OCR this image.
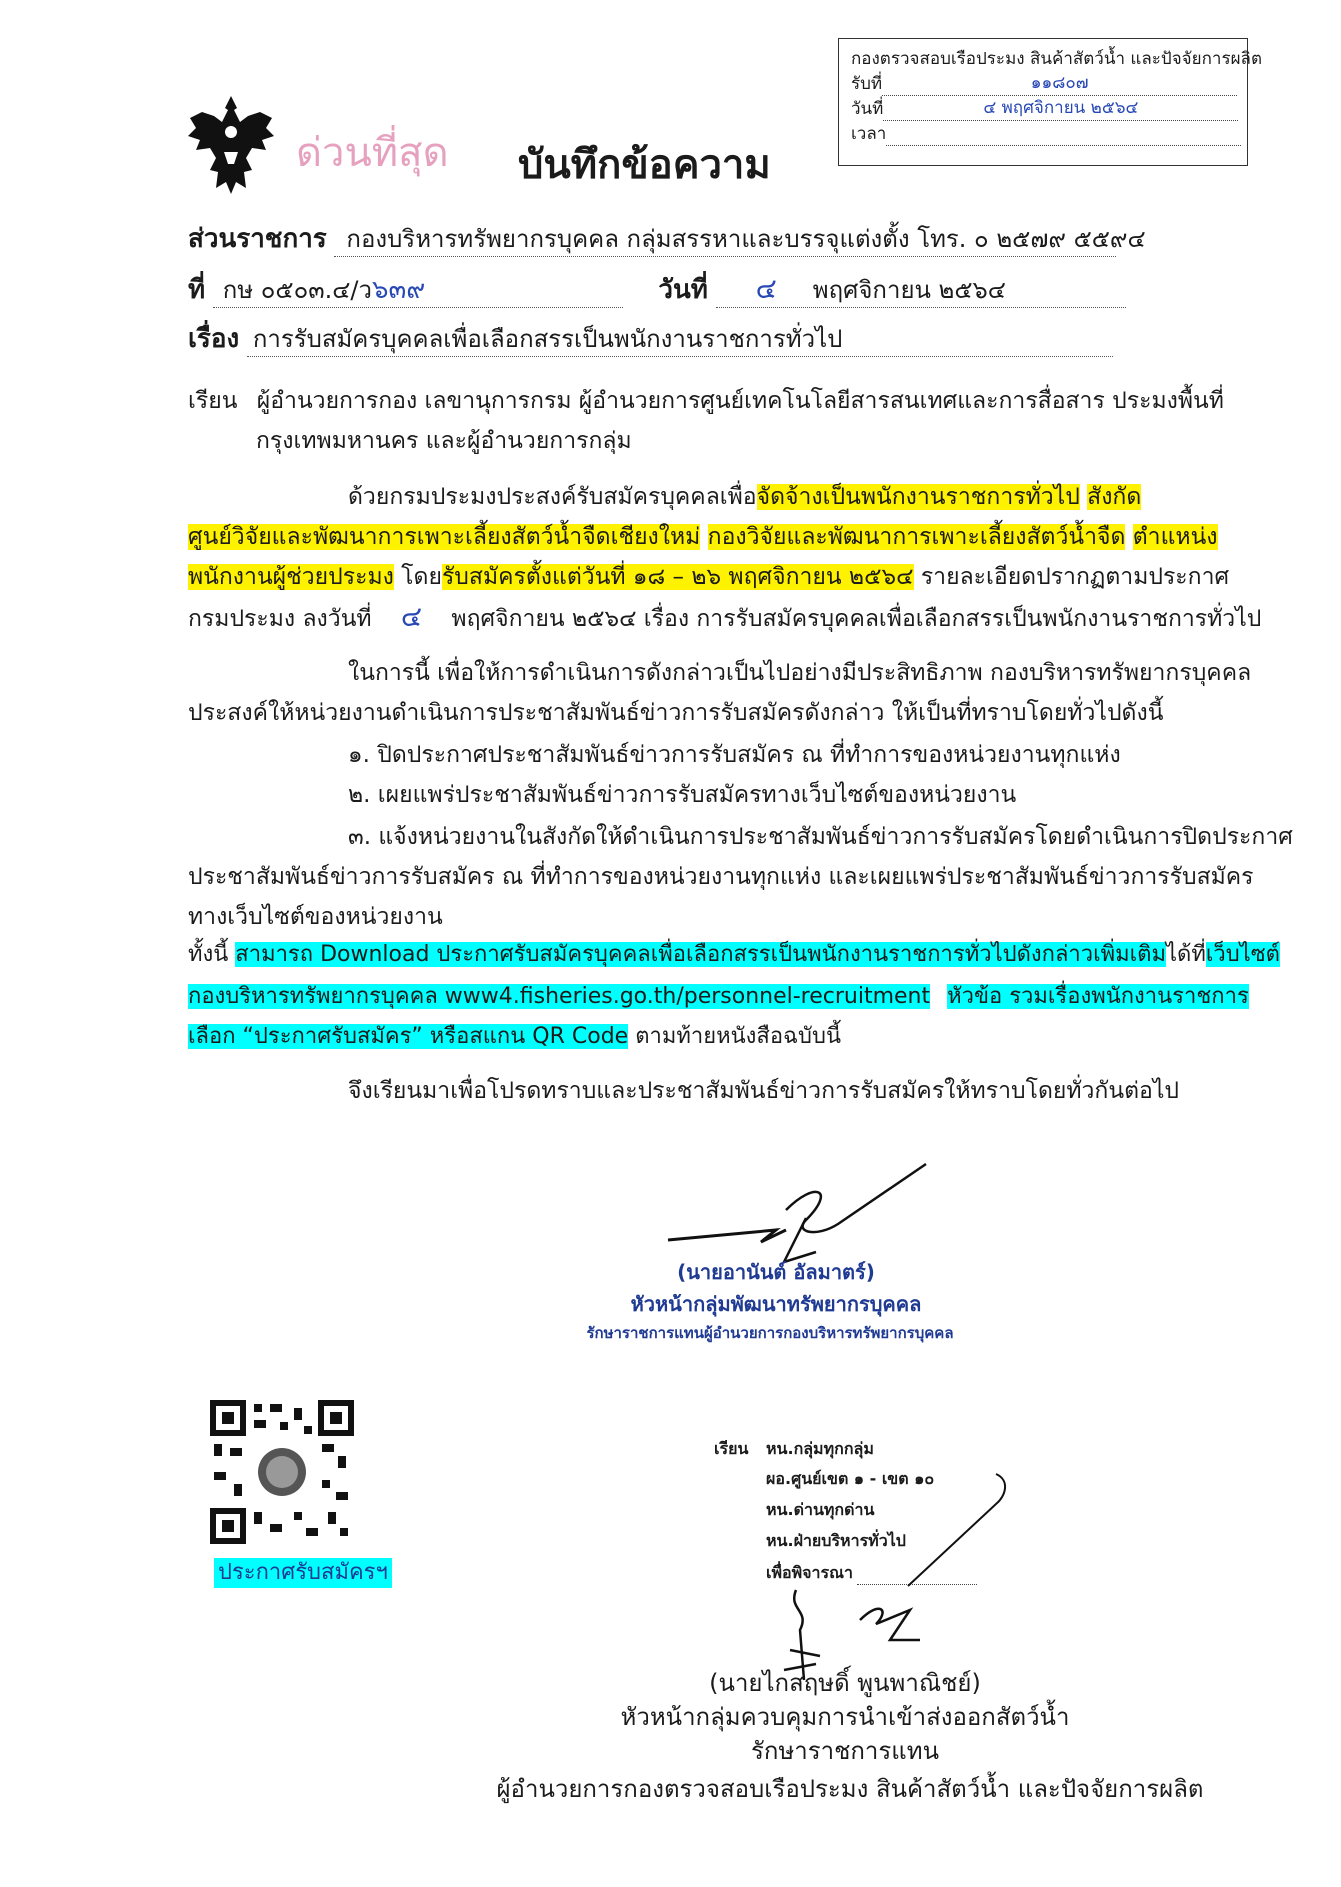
กองตรวจสอบเรือประมง สินค้าสัตว์น้ำ และปัจจัยการผลิต
รับที่	๑๑๘๐๗
วันที่	๔ พฤศจิกายน ๒๕๖๔
เวลา
ด่วนที่สุด บันทึกข้อความ
ส่วนราชการ กองบริหารทรัพยากรบุคคล กลุ่มสรรหาและบรรจุแต่งตั้ง โทร. ๐ ๒๕๗๙ ๕๕๙๔
ที่ กษ ๐๕๐๓.๔/ว๖๓๙	วันที่ ๔ พฤศจิกายน ๒๕๖๔
เรื่อง การรับสมัครบุคคลเพื่อเลือกสรรเป็นพนักงานราชการทั่วไป
เรียน ผู้อำนวยการกอง เลขานุการกรม ผู้อำนวยการศูนย์เทคโนโลยีสารสนเทศและการสื่อสาร ประมงพื้นที่
กรุงเทพมหานคร และผู้อำนวยการกลุ่ม
ด้วยกรมประมงประสงค์รับสมัครบุคคลเพื่อจัดจ้างเป็นพนักงานราชการทั่วไป สังกัด
ศูนย์วิจัยและพัฒนาการเพาะเลี้ยงสัตว์น้ำจืดเชียงใหม่ กองวิจัยและพัฒนาการเพาะเลี้ยงสัตว์น้ำจืด ตำแหน่ง
พนักงานผู้ช่วยประมง โดยรับสมัครตั้งแต่วันที่ ๑๘ – ๒๖ พฤศจิกายน ๒๕๖๔ รายละเอียดปรากฏตามประกาศ
กรมประมง ลงวันที่ ๔ พฤศจิกายน ๒๕๖๔ เรื่อง การรับสมัครบุคคลเพื่อเลือกสรรเป็นพนักงานราชการทั่วไป
ในการนี้ เพื่อให้การดำเนินการดังกล่าวเป็นไปอย่างมีประสิทธิภาพ กองบริหารทรัพยากรบุคคล
ประสงค์ให้หน่วยงานดำเนินการประชาสัมพันธ์ข่าวการรับสมัครดังกล่าว ให้เป็นที่ทราบโดยทั่วไปดังนี้
๑. ปิดประกาศประชาสัมพันธ์ข่าวการรับสมัคร ณ ที่ทำการของหน่วยงานทุกแห่ง
๒. เผยแพร่ประชาสัมพันธ์ข่าวการรับสมัครทางเว็บไซต์ของหน่วยงาน
๓. แจ้งหน่วยงานในสังกัดให้ดำเนินการประชาสัมพันธ์ข่าวการรับสมัครโดยดำเนินการปิดประกาศ
ประชาสัมพันธ์ข่าวการรับสมัคร ณ ที่ทำการของหน่วยงานทุกแห่ง และเผยแพร่ประชาสัมพันธ์ข่าวการรับสมัคร
ทางเว็บไซต์ของหน่วยงาน
ทั้งนี้ สามารถ Download ประกาศรับสมัครบุคคลเพื่อเลือกสรรเป็นพนักงานราชการทั่วไปดังกล่าวเพิ่มเติมได้ที่เว็บไซต์
กองบริหารทรัพยากรบุคคล www4.fisheries.go.th/personnel-recruitment หัวข้อ รวมเรื่องพนักงานราชการ
เลือก “ประกาศรับสมัคร” หรือสแกน QR Code ตามท้ายหนังสือฉบับนี้
จึงเรียนมาเพื่อโปรดทราบและประชาสัมพันธ์ข่าวการรับสมัครให้ทราบโดยทั่วกันต่อไป
(นายอานันต์ อัลมาตร์)
หัวหน้ากลุ่มพัฒนาทรัพยากรบุคคล
รักษาราชการแทนผู้อำนวยการกองบริหารทรัพยากรบุคคล
ประกาศรับสมัครฯ
เรียน หน.กลุ่มทุกกลุ่ม
ผอ.ศูนย์เขต ๑ - เขต ๑๐
หน.ด่านทุกด่าน
หน.ฝ่ายบริหารทั่วไป
เพื่อพิจารณา
(นายไกสฤษดิ์ พูนพาณิชย์)
หัวหน้ากลุ่มควบคุมการนำเข้าส่งออกสัตว์น้ำ
รักษาราชการแทน
ผู้อำนวยการกองตรวจสอบเรือประมง สินค้าสัตว์น้ำ และปัจจัยการผลิต
